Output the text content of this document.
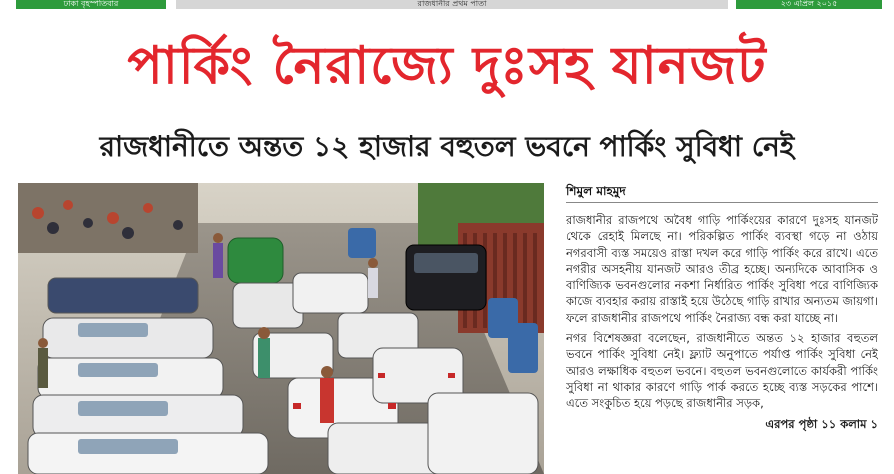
ঢাকা বৃহস্পতিবার	রাজধানীর প্রথম পাতা	২৩ এপ্রিল ২০১৫
পার্কিং নৈরাজ্যে দুঃসহ যানজট
রাজধানীতে অন্তত ১২ হাজার বহুতল ভবনে পার্কিং সুবিধা নেই
শিমুল মাহমুদ

রাজধানীর রাজপথে অবৈধ গাড়ি পার্কিংয়ের কারণে দুঃসহ যানজট থেকে রেহাই মিলছে না। পরিকল্পিত পার্কিং ব্যবস্থা গড়ে না ওঠায় নগরবাসী ব্যস্ত সময়েও রাস্তা দখল করে গাড়ি পার্কিং করে রাখে। এতে নগরীর অসহনীয় যানজট আরও তীব্র হচ্ছে। অন্যদিকে আবাসিক ও বাণিজ্যিক ভবনগুলোর নকশা নির্ধারিত পার্কিং সুবিধা পরে বাণিজ্যিক কাজে ব্যবহার করায় রাস্তাই হয়ে উঠেছে গাড়ি রাখার অন্যতম জায়গা। ফলে রাজধানীর রাজপথে পার্কিং নৈরাজ্য বন্ধ করা যাচ্ছে না।

নগর বিশেষজ্ঞরা বলেছেন, রাজধানীতে অন্তত ১২ হাজার বহুতল ভবনে পার্কিং সুবিধা নেই। ফ্ল্যাট অনুপাতে পর্যাপ্ত পার্কিং সুবিধা নেই আরও লক্ষাধিক বহুতল ভবনে। বহুতল ভবনগুলোতে কার্যকরী পার্কিং সুবিধা না থাকার কারণে গাড়ি পার্ক করতে হচ্ছে ব্যস্ত সড়কের পাশে। এতে সংকুচিত হয়ে পড়ছে রাজধানীর সড়ক,

এরপর পৃষ্ঠা ১১ কলাম ১
